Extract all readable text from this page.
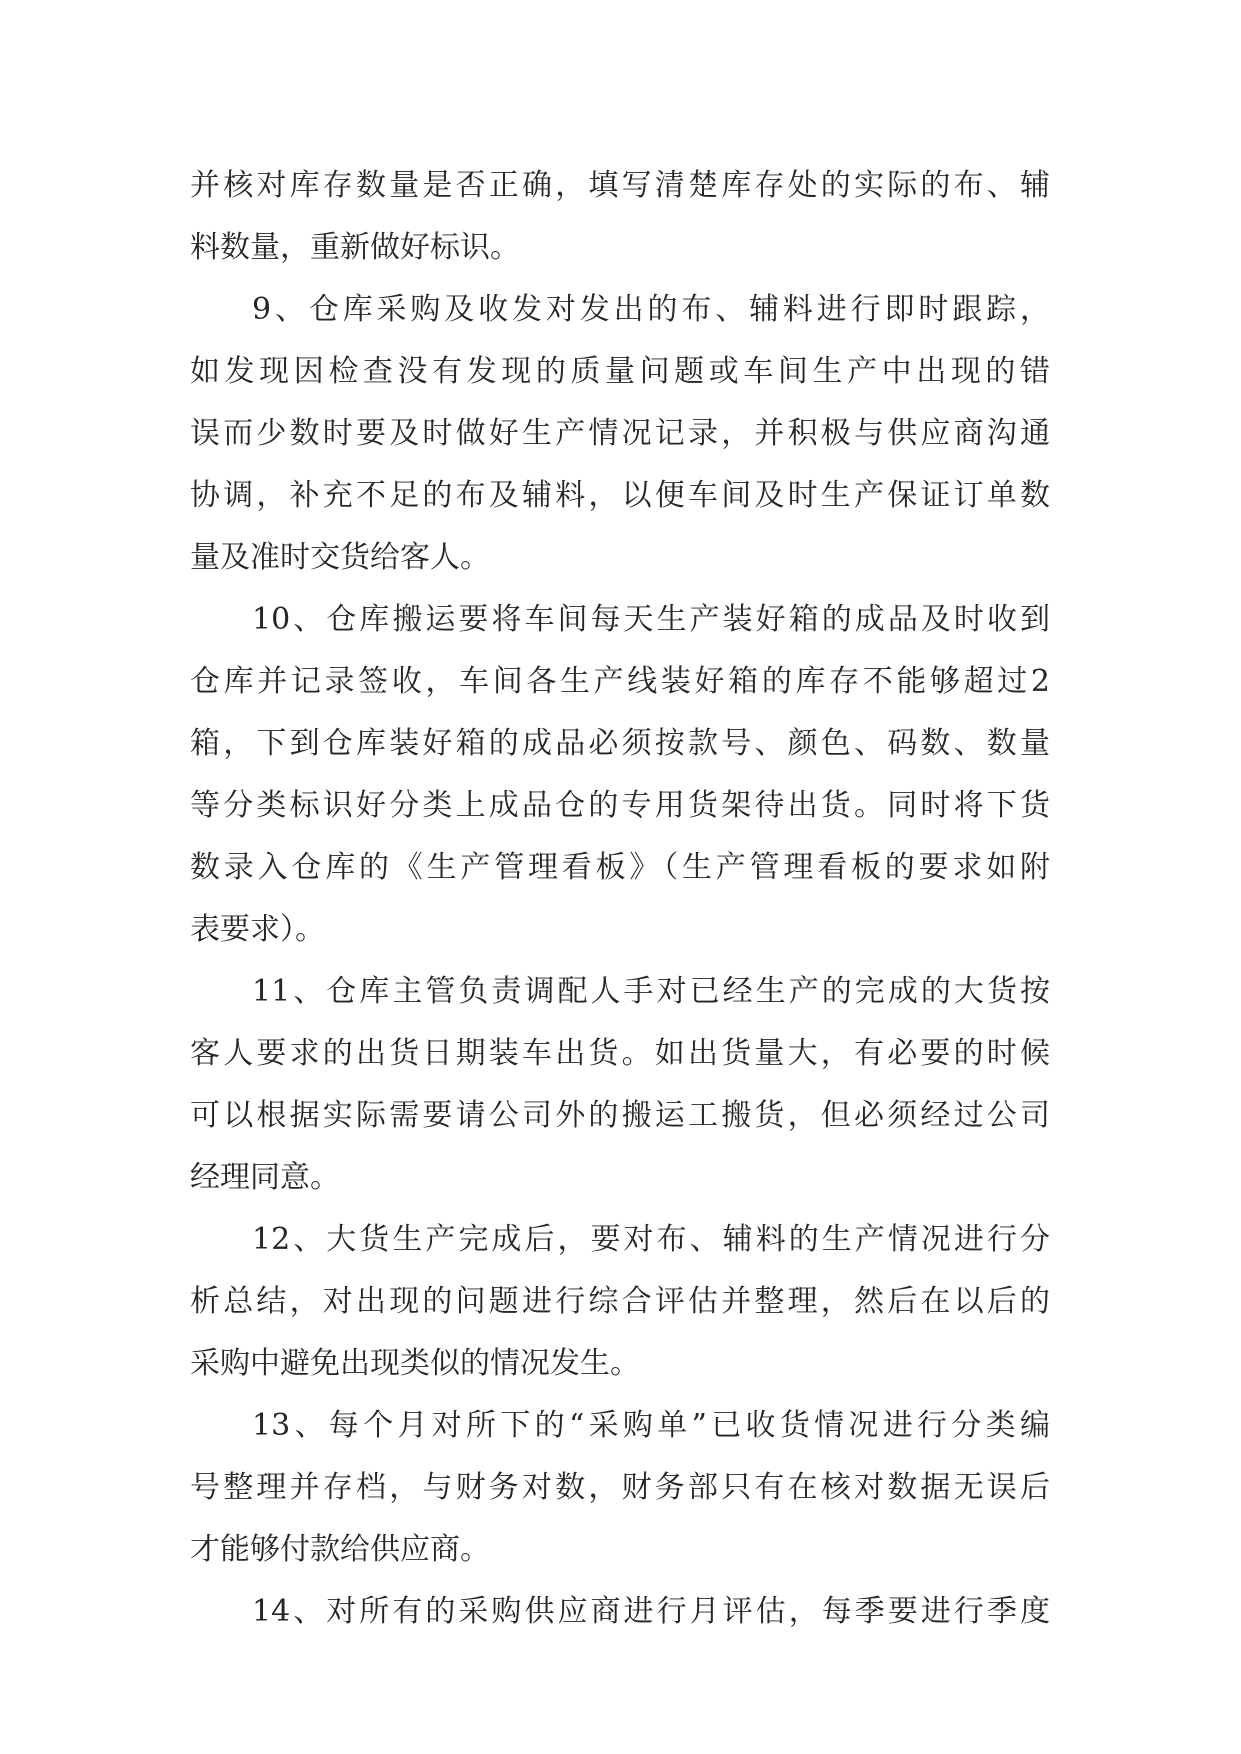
并核对库存数量是否正确，填写清楚库存处的实际的布、辅
料数量，重新做好标识。
9、仓库采购及收发对发出的布、辅料进行即时跟踪，
如发现因检查没有发现的质量问题或车间生产中出现的错
误而少数时要及时做好生产情况记录，并积极与供应商沟通
协调，补充不足的布及辅料，以便车间及时生产保证订单数
量及准时交货给客人。
10、仓库搬运要将车间每天生产装好箱的成品及时收到
仓库并记录签收，车间各生产线装好箱的库存不能够超过2
箱，下到仓库装好箱的成品必须按款号、颜色、码数、数量
等分类标识好分类上成品仓的专用货架待出货。同时将下货
数录入仓库的《生产管理看板》（生产管理看板的要求如附
表要求）。
11、仓库主管负责调配人手对已经生产的完成的大货按
客人要求的出货日期装车出货。如出货量大，有必要的时候
可以根据实际需要请公司外的搬运工搬货，但必须经过公司
经理同意。
12、大货生产完成后，要对布、辅料的生产情况进行分
析总结，对出现的问题进行综合评估并整理，然后在以后的
采购中避免出现类似的情况发生。
13、每个月对所下的“采购单”已收货情况进行分类编
号整理并存档，与财务对数，财务部只有在核对数据无误后
才能够付款给供应商。
14、对所有的采购供应商进行月评估，每季要进行季度
